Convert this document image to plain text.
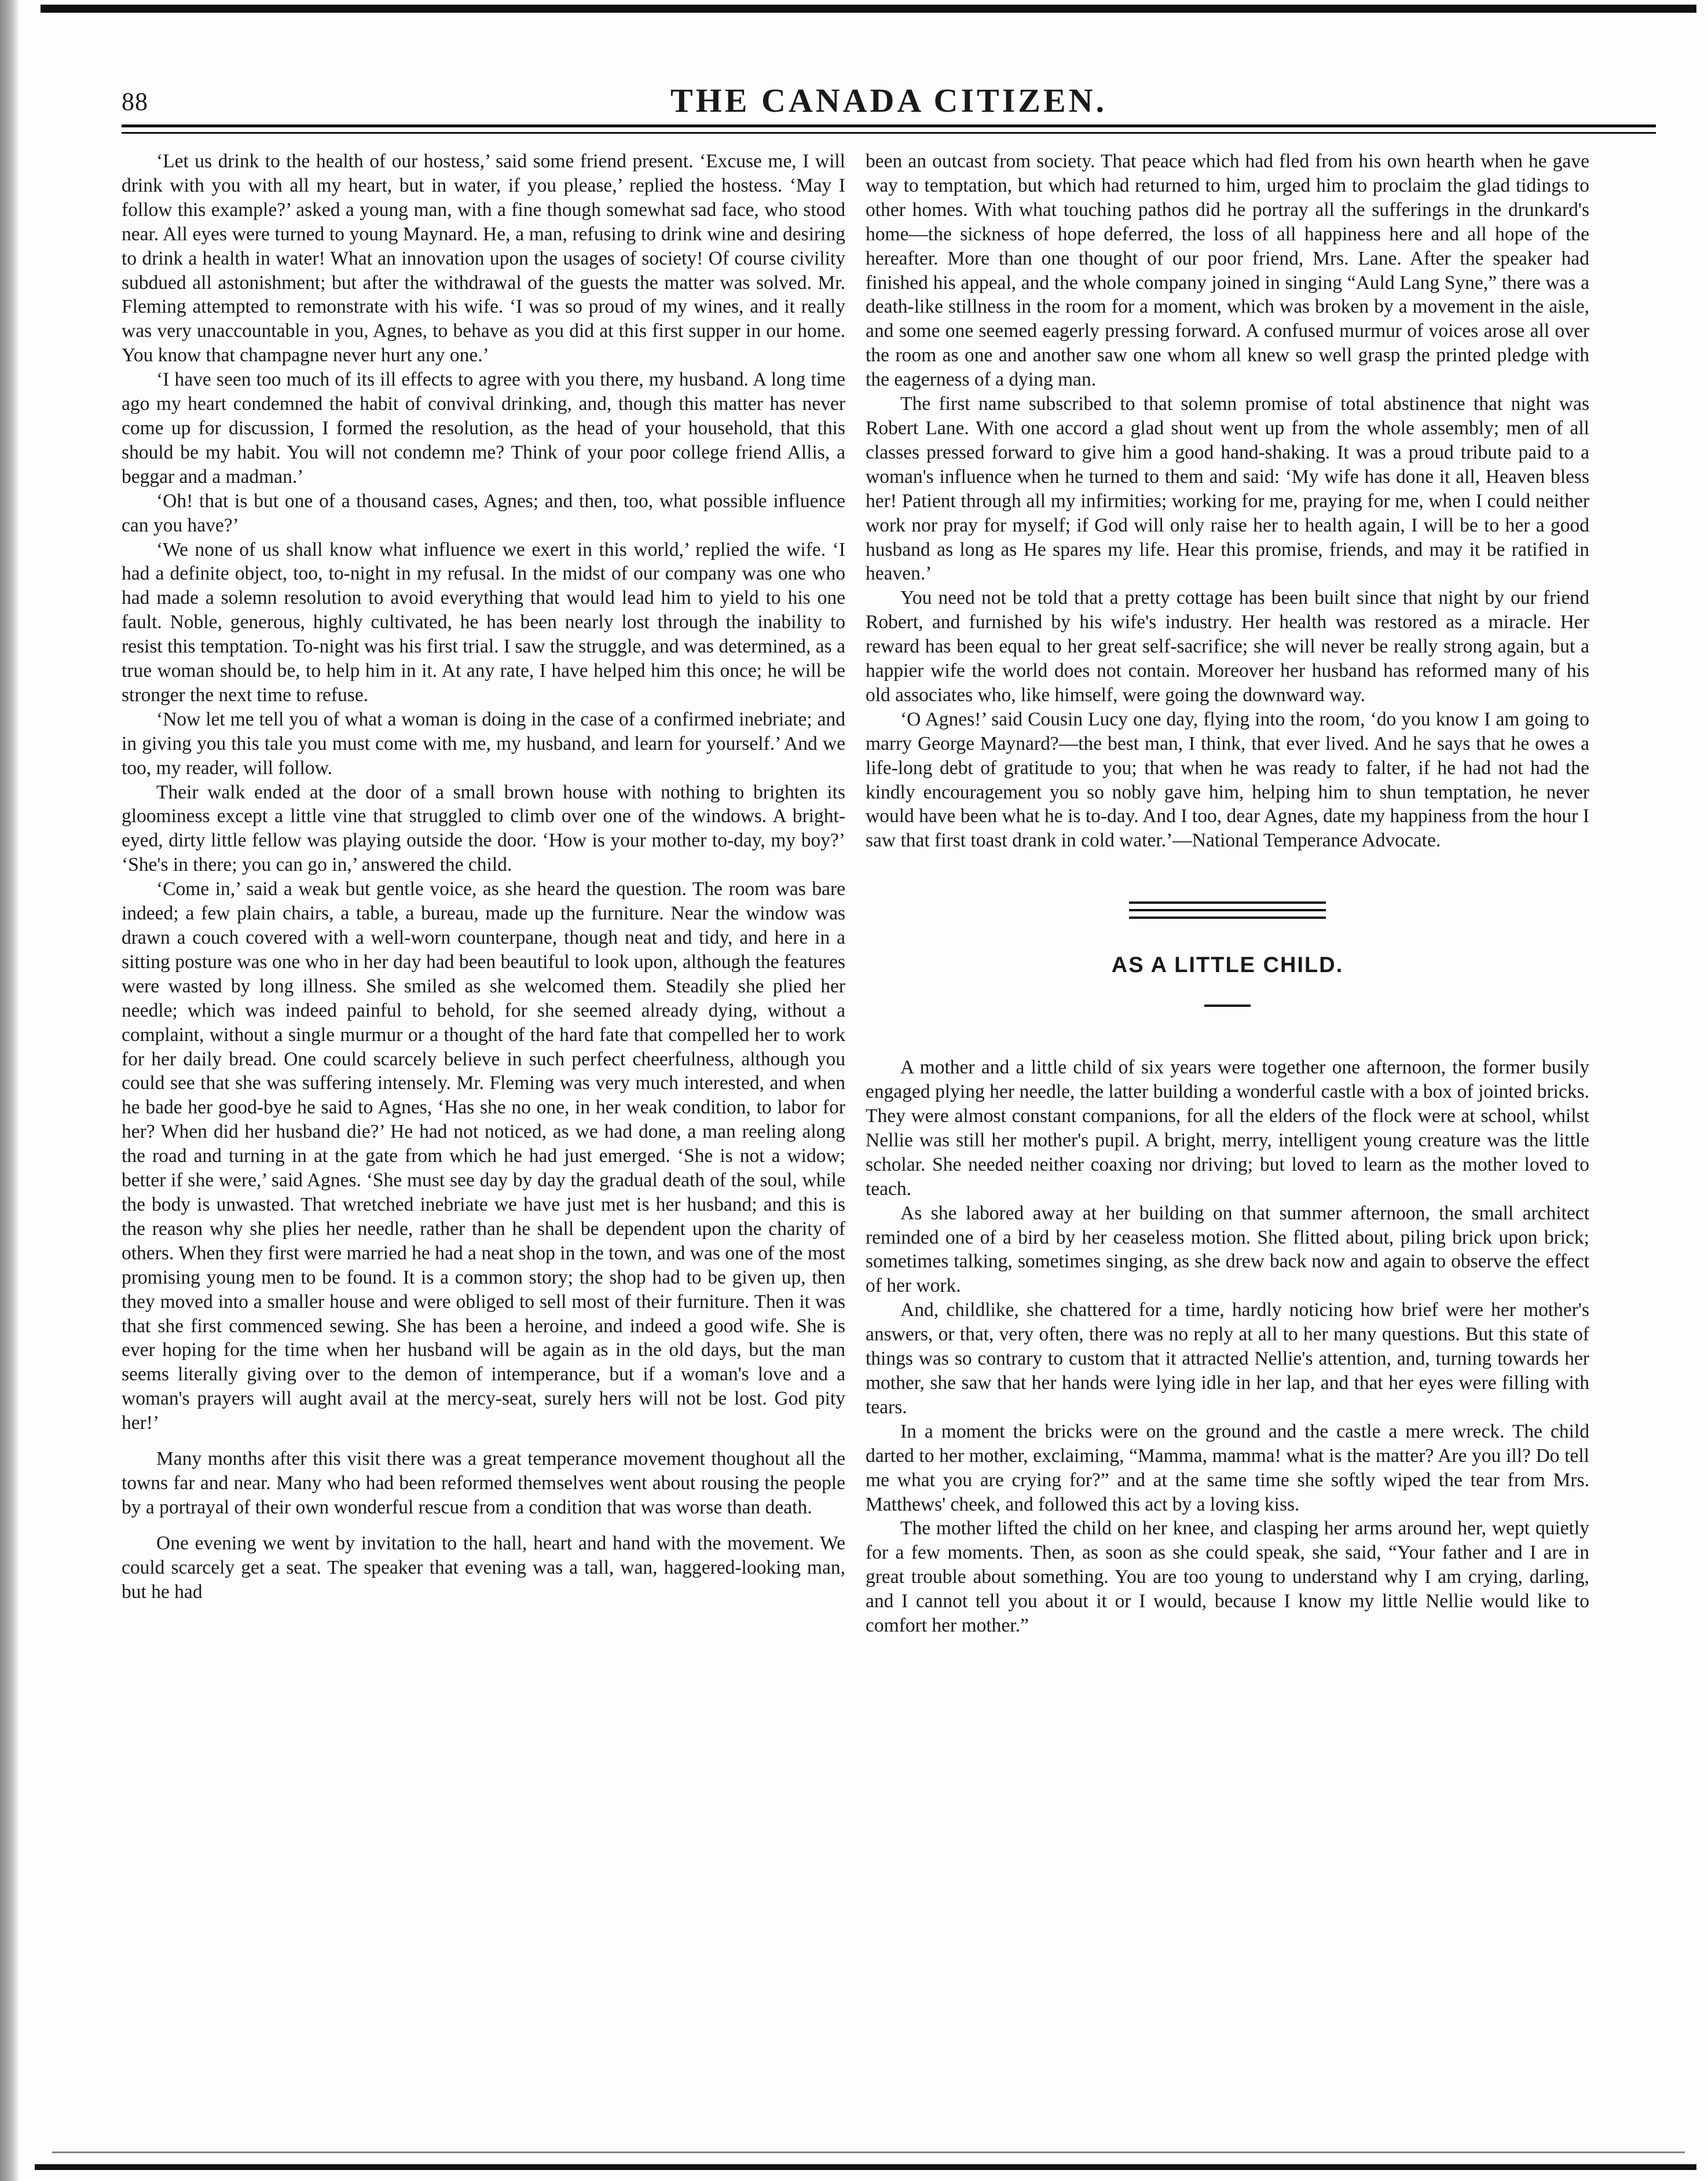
88	THE CANADA CITIZEN.

‘Let us drink to the health of our hostess,’ said some friend present. ‘Excuse me, I will drink with you with all my heart, but in water, if you please,’ replied the hostess. ‘May I follow this example?’ asked a young man, with a fine though somewhat sad face, who stood near. All eyes were turned to young Maynard. He, a man, refusing to drink wine and desiring to drink a health in water! What an innovation upon the usages of society! Of course civility subdued all astonishment; but after the withdrawal of the guests the matter was solved. Mr. Fleming attempted to remonstrate with his wife. ‘I was so proud of my wines, and it really was very unaccountable in you, Agnes, to behave as you did at this first supper in our home. You know that champagne never hurt any one.’

‘I have seen too much of its ill effects to agree with you there, my husband. A long time ago my heart condemned the habit of convival drinking, and, though this matter has never come up for discussion, I formed the resolution, as the head of your household, that this should be my habit. You will not condemn me? Think of your poor college friend Allis, a beggar and a madman.’

‘Oh! that is but one of a thousand cases, Agnes; and then, too, what possible influence can you have?’

‘We none of us shall know what influence we exert in this world,’ replied the wife. ‘I had a definite object, too, to-night in my refusal. In the midst of our company was one who had made a solemn resolution to avoid everything that would lead him to yield to his one fault. Noble, generous, highly cultivated, he has been nearly lost through the inability to resist this temptation. To-night was his first trial. I saw the struggle, and was determined, as a true woman should be, to help him in it. At any rate, I have helped him this once; he will be stronger the next time to refuse.

‘Now let me tell you of what a woman is doing in the case of a confirmed inebriate; and in giving you this tale you must come with me, my husband, and learn for yourself.’ And we too, my reader, will follow.

Their walk ended at the door of a small brown house with nothing to brighten its gloominess except a little vine that struggled to climb over one of the windows. A bright-eyed, dirty little fellow was playing outside the door. ‘How is your mother to-day, my boy?’ ‘She's in there; you can go in,’ answered the child.

‘Come in,’ said a weak but gentle voice, as she heard the question. The room was bare indeed; a few plain chairs, a table, a bureau, made up the furniture. Near the window was drawn a couch covered with a well-worn counterpane, though neat and tidy, and here in a sitting posture was one who in her day had been beautiful to look upon, although the features were wasted by long illness. She smiled as she welcomed them. Steadily she plied her needle; which was indeed painful to behold, for she seemed already dying, without a complaint, without a single murmur or a thought of the hard fate that compelled her to work for her daily bread. One could scarcely believe in such perfect cheerfulness, although you could see that she was suffering intensely. Mr. Fleming was very much interested, and when he bade her good-bye he said to Agnes, ‘Has she no one, in her weak condition, to labor for her? When did her husband die?’ He had not noticed, as we had done, a man reeling along the road and turning in at the gate from which he had just emerged. ‘She is not a widow; better if she were,’ said Agnes. ‘She must see day by day the gradual death of the soul, while the body is unwasted. That wretched inebriate we have just met is her husband; and this is the reason why she plies her needle, rather than he shall be dependent upon the charity of others. When they first were married he had a neat shop in the town, and was one of the most promising young men to be found. It is a common story; the shop had to be given up, then they moved into a smaller house and were obliged to sell most of their furniture. Then it was that she first commenced sewing. She has been a heroine, and indeed a good wife. She is ever hoping for the time when her husband will be again as in the old days, but the man seems literally giving over to the demon of intemperance, but if a woman's love and a woman's prayers will aught avail at the mercy-seat, surely hers will not be lost. God pity her!’

Many months after this visit there was a great temperance movement thoughout all the towns far and near. Many who had been reformed themselves went about rousing the people by a portrayal of their own wonderful rescue from a condition that was worse than death.

One evening we went by invitation to the hall, heart and hand with the movement. We could scarcely get a seat. The speaker that evening was a tall, wan, haggered-looking man, but he had

been an outcast from society. That peace which had fled from his own hearth when he gave way to temptation, but which had returned to him, urged him to proclaim the glad tidings to other homes. With what touching pathos did he portray all the sufferings in the drunkard's home—the sickness of hope deferred, the loss of all happiness here and all hope of the hereafter. More than one thought of our poor friend, Mrs. Lane. After the speaker had finished his appeal, and the whole company joined in singing “Auld Lang Syne,” there was a death-like stillness in the room for a moment, which was broken by a movement in the aisle, and some one seemed eagerly pressing forward. A confused murmur of voices arose all over the room as one and another saw one whom all knew so well grasp the printed pledge with the eagerness of a dying man.

The first name subscribed to that solemn promise of total abstinence that night was Robert Lane. With one accord a glad shout went up from the whole assembly; men of all classes pressed forward to give him a good hand-shaking. It was a proud tribute paid to a woman's influence when he turned to them and said: ‘My wife has done it all, Heaven bless her! Patient through all my infirmities; working for me, praying for me, when I could neither work nor pray for myself; if God will only raise her to health again, I will be to her a good husband as long as He spares my life. Hear this promise, friends, and may it be ratified in heaven.’

You need not be told that a pretty cottage has been built since that night by our friend Robert, and furnished by his wife's industry. Her health was restored as a miracle. Her reward has been equal to her great self-sacrifice; she will never be really strong again, but a happier wife the world does not contain. Moreover her husband has reformed many of his old associates who, like himself, were going the downward way.

‘O Agnes!’ said Cousin Lucy one day, flying into the room, ‘do you know I am going to marry George Maynard?—the best man, I think, that ever lived. And he says that he owes a life-long debt of gratitude to you; that when he was ready to falter, if he had not had the kindly encouragement you so nobly gave him, helping him to shun temptation, he never would have been what he is to-day. And I too, dear Agnes, date my happiness from the hour I saw that first toast drank in cold water.’—National Temperance Advocate.

AS A LITTLE CHILD.

A mother and a little child of six years were together one afternoon, the former busily engaged plying her needle, the latter building a wonderful castle with a box of jointed bricks. They were almost constant companions, for all the elders of the flock were at school, whilst Nellie was still her mother's pupil. A bright, merry, intelligent young creature was the little scholar. She needed neither coaxing nor driving; but loved to learn as the mother loved to teach.

As she labored away at her building on that summer afternoon, the small architect reminded one of a bird by her ceaseless motion. She flitted about, piling brick upon brick; sometimes talking, sometimes singing, as she drew back now and again to observe the effect of her work.

And, childlike, she chattered for a time, hardly noticing how brief were her mother's answers, or that, very often, there was no reply at all to her many questions. But this state of things was so contrary to custom that it attracted Nellie's attention, and, turning towards her mother, she saw that her hands were lying idle in her lap, and that her eyes were filling with tears.

In a moment the bricks were on the ground and the castle a mere wreck. The child darted to her mother, exclaiming, “Mamma, mamma! what is the matter? Are you ill? Do tell me what you are crying for?” and at the same time she softly wiped the tear from Mrs. Matthews' cheek, and followed this act by a loving kiss.

The mother lifted the child on her knee, and clasping her arms around her, wept quietly for a few moments. Then, as soon as she could speak, she said, “Your father and I are in great trouble about something. You are too young to understand why I am crying, darling, and I cannot tell you about it or I would, because I know my little Nellie would like to comfort her mother.”
